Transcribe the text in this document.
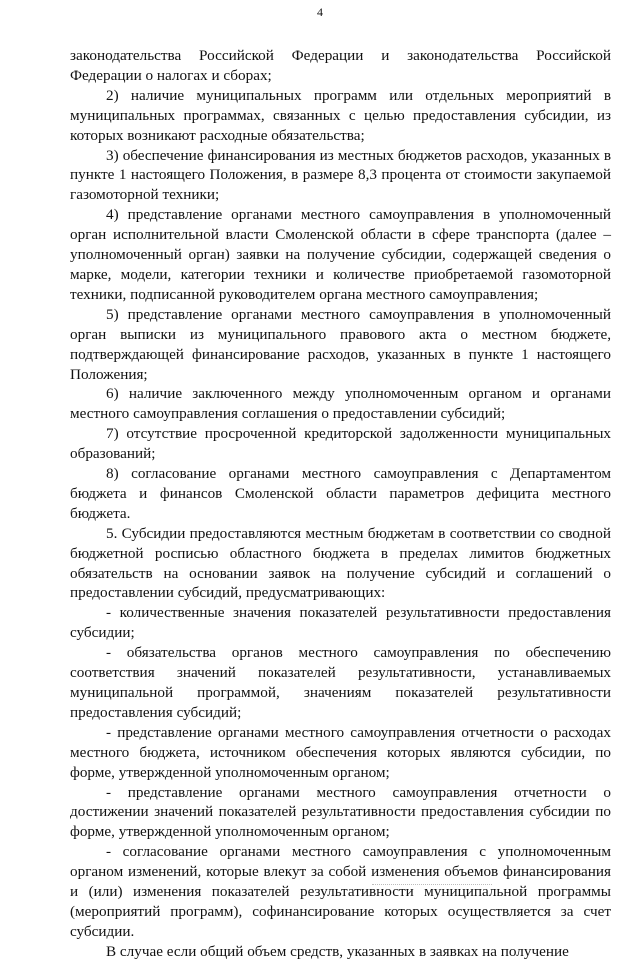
4

законодательства Российской Федерации и законодательства Российской Федерации о налогах и сборах;

2) наличие муниципальных программ или отдельных мероприятий в муниципальных программах, связанных с целью предоставления субсидии, из которых возникают расходные обязательства;

3) обеспечение финансирования из местных бюджетов расходов, указанных в пункте 1 настоящего Положения, в размере 8,3 процента от стоимости закупаемой газомоторной техники;

4) представление органами местного самоуправления в уполномоченный орган исполнительной власти Смоленской области в сфере транспорта (далее – уполномоченный орган) заявки на получение субсидии, содержащей сведения о марке, модели, категории техники и количестве приобретаемой газомоторной техники, подписанной руководителем органа местного самоуправления;

5) представление органами местного самоуправления в уполномоченный орган выписки из муниципального правового акта о местном бюджете, подтверждающей финансирование расходов, указанных в пункте 1 настоящего Положения;

6) наличие заключенного между уполномоченным органом и органами местного самоуправления соглашения о предоставлении субсидий;

7) отсутствие просроченной кредиторской задолженности муниципальных образований;

8) согласование органами местного самоуправления с Департаментом бюджета и финансов Смоленской области параметров дефицита местного бюджета.

5. Субсидии предоставляются местным бюджетам в соответствии со сводной бюджетной росписью областного бюджета в пределах лимитов бюджетных обязательств на основании заявок на получение субсидий и соглашений о предоставлении субсидий, предусматривающих:

- количественные значения показателей результативности предоставления субсидии;

- обязательства органов местного самоуправления по обеспечению соответствия значений показателей результативности, устанавливаемых муниципальной программой, значениям показателей результативности предоставления субсидий;

- представление органами местного самоуправления отчетности о расходах местного бюджета, источником обеспечения которых являются субсидии, по форме, утвержденной уполномоченным органом;

- представление органами местного самоуправления отчетности о достижении значений показателей результативности предоставления субсидии по форме, утвержденной уполномоченным органом;

- согласование органами местного самоуправления с уполномоченным органом изменений, которые влекут за собой изменения объемов финансирования и (или) изменения показателей результативности муниципальной программы (мероприятий программ), софинансирование которых осуществляется за счет субсидии.

В случае если общий объем средств, указанных в заявках на получение
